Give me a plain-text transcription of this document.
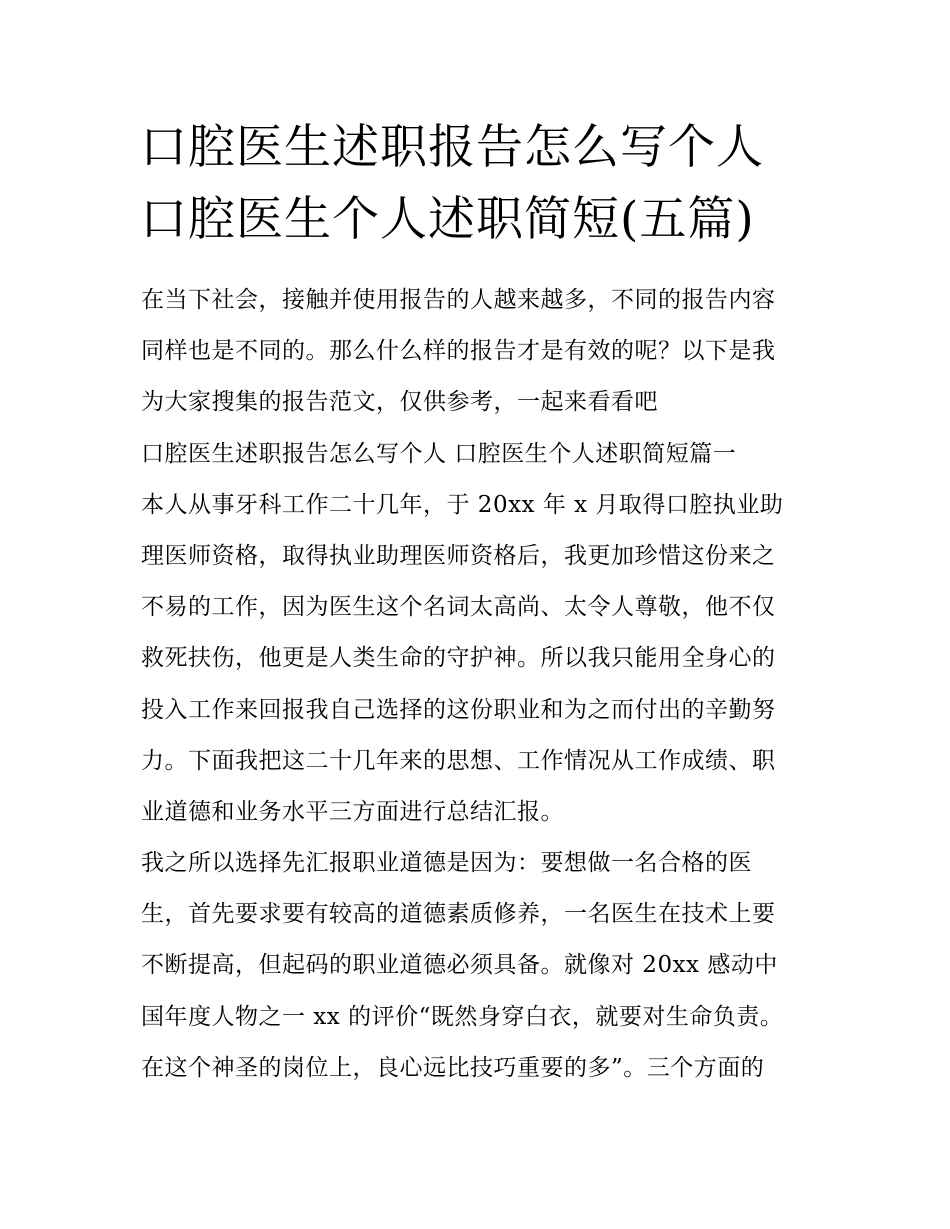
口腔医生述职报告怎么写个人
口腔医生个人述职简短(五篇)
在当下社会，接触并使用报告的人越来越多，不同的报告内容
同样也是不同的。那么什么样的报告才是有效的呢？以下是我
为大家搜集的报告范文，仅供参考，一起来看看吧
口腔医生述职报告怎么写个人 口腔医生个人述职简短篇一
本人从事牙科工作二十几年，于 20xx 年 x 月取得口腔执业助
理医师资格，取得执业助理医师资格后，我更加珍惜这份来之
不易的工作，因为医生这个名词太高尚、太令人尊敬，他不仅
救死扶伤，他更是人类生命的守护神。所以我只能用全身心的
投入工作来回报我自己选择的这份职业和为之而付出的辛勤努
力。下面我把这二十几年来的思想、工作情况从工作成绩、职
业道德和业务水平三方面进行总结汇报。
我之所以选择先汇报职业道德是因为：要想做一名合格的医
生，首先要求要有较高的道德素质修养，一名医生在技术上要
不断提高，但起码的职业道德必须具备。就像对 20xx 感动中
国年度人物之一 xx 的评价“既然身穿白衣，就要对生命负责。
在这个神圣的岗位上，良心远比技巧重要的多”。三个方面的
